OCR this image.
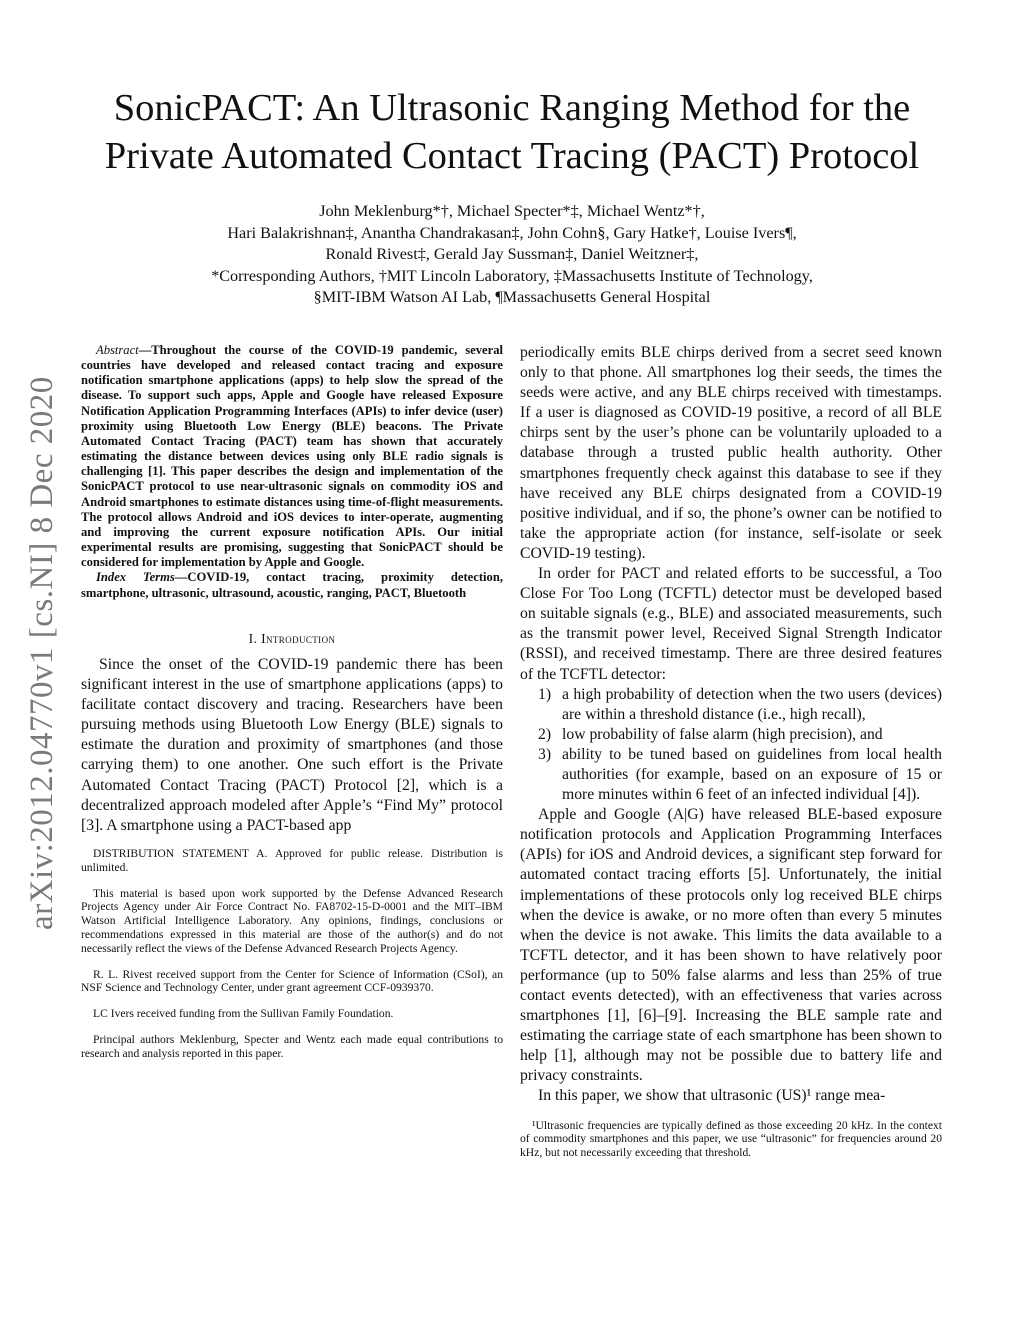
arXiv:2012.04770v1 [cs.NI] 8 Dec 2020
SonicPACT: An Ultrasonic Ranging Method for the
Private Automated Contact Tracing (PACT) Protocol
John Meklenburg*†, Michael Specter*‡, Michael Wentz*†,
Hari Balakrishnan‡, Anantha Chandrakasan‡, John Cohn§, Gary Hatke†, Louise Ivers¶,
Ronald Rivest‡, Gerald Jay Sussman‡, Daniel Weitzner‡,
*Corresponding Authors, †MIT Lincoln Laboratory, ‡Massachusetts Institute of Technology,
§MIT-IBM Watson AI Lab, ¶Massachusetts General Hospital

Abstract—Throughout the course of the COVID-19 pandemic, several countries have developed and released contact tracing and exposure notification smartphone applications (apps) to help slow the spread of the disease. To support such apps, Apple and Google have released Exposure Notification Application Programming Interfaces (APIs) to infer device (user) proximity using Bluetooth Low Energy (BLE) beacons. The Private Automated Contact Tracing (PACT) team has shown that accurately estimating the distance between devices using only BLE radio signals is challenging [1]. This paper describes the design and implementation of the SonicPACT protocol to use near-ultrasonic signals on commodity iOS and Android smartphones to estimate distances using time-of-flight measurements. The protocol allows Android and iOS devices to inter-operate, augmenting and improving the current exposure notification APIs. Our initial experimental results are promising, suggesting that SonicPACT should be considered for implementation by Apple and Google.

Index Terms—COVID-19, contact tracing, proximity detection, smartphone, ultrasonic, ultrasound, acoustic, ranging, PACT, Bluetooth

I. Introduction

Since the onset of the COVID-19 pandemic there has been significant interest in the use of smartphone applications (apps) to facilitate contact discovery and tracing. Researchers have been pursuing methods using Bluetooth Low Energy (BLE) signals to estimate the duration and proximity of smartphones (and those carrying them) to one another. One such effort is the Private Automated Contact Tracing (PACT) Protocol [2], which is a decentralized approach modeled after Apple’s “Find My” protocol [3]. A smartphone using a PACT-based app

DISTRIBUTION STATEMENT A. Approved for public release. Distribution is unlimited.

This material is based upon work supported by the Defense Advanced Research Projects Agency under Air Force Contract No. FA8702-15-D-0001 and the MIT–IBM Watson Artificial Intelligence Laboratory. Any opinions, findings, conclusions or recommendations expressed in this material are those of the author(s) and do not necessarily reflect the views of the Defense Advanced Research Projects Agency.

R. L. Rivest received support from the Center for Science of Information (CSoI), an NSF Science and Technology Center, under grant agreement CCF-0939370.

LC Ivers received funding from the Sullivan Family Foundation.

Principal authors Meklenburg, Specter and Wentz each made equal contributions to research and analysis reported in this paper.

periodically emits BLE chirps derived from a secret seed known only to that phone. All smartphones log their seeds, the times the seeds were active, and any BLE chirps received with timestamps. If a user is diagnosed as COVID-19 positive, a record of all BLE chirps sent by the user’s phone can be voluntarily uploaded to a database through a trusted public health authority. Other smartphones frequently check against this database to see if they have received any BLE chirps designated from a COVID-19 positive individual, and if so, the phone’s owner can be notified to take the appropriate action (for instance, self-isolate or seek COVID-19 testing).

In order for PACT and related efforts to be successful, a Too Close For Too Long (TCFTL) detector must be developed based on suitable signals (e.g., BLE) and associated measurements, such as the transmit power level, Received Signal Strength Indicator (RSSI), and received timestamp. There are three desired features of the TCFTL detector:

1) a high probability of detection when the two users (devices) are within a threshold distance (i.e., high recall),
2) low probability of false alarm (high precision), and
3) ability to be tuned based on guidelines from local health authorities (for example, based on an exposure of 15 or more minutes within 6 feet of an infected individual [4]).

Apple and Google (A|G) have released BLE-based exposure notification protocols and Application Programming Interfaces (APIs) for iOS and Android devices, a significant step forward for automated contact tracing efforts [5]. Unfortunately, the initial implementations of these protocols only log received BLE chirps when the device is awake, or no more often than every 5 minutes when the device is not awake. This limits the data available to a TCFTL detector, and it has been shown to have relatively poor performance (up to 50% false alarms and less than 25% of true contact events detected), with an effectiveness that varies across smartphones [1], [6]–[9]. Increasing the BLE sample rate and estimating the carriage state of each smartphone has been shown to help [1], although may not be possible due to battery life and privacy constraints.

In this paper, we show that ultrasonic (US)¹ range mea-

¹Ultrasonic frequencies are typically defined as those exceeding 20 kHz. In the context of commodity smartphones and this paper, we use “ultrasonic” for frequencies around 20 kHz, but not necessarily exceeding that threshold.
